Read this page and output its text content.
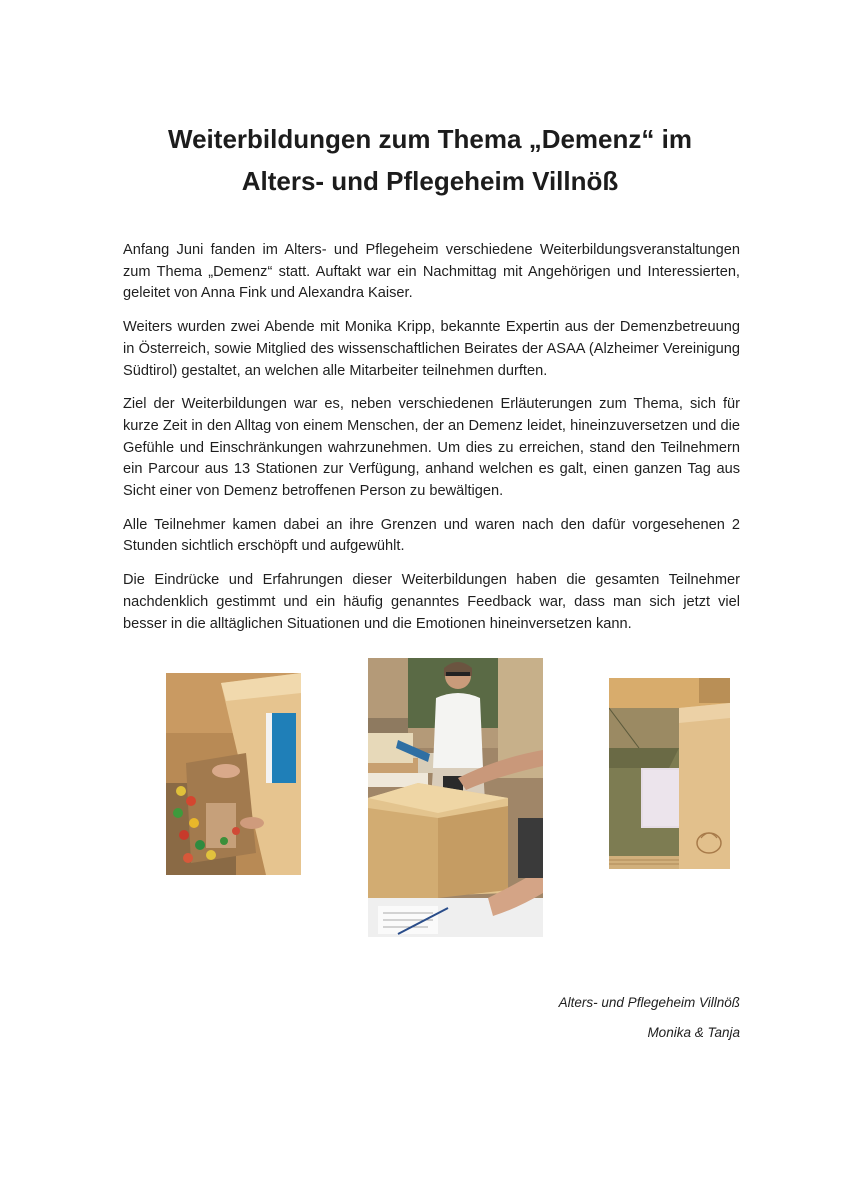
Weiterbildungen zum Thema „Demenz“ im
Alters- und Pflegeheim Villnöß

Anfang Juni fanden im Alters- und Pflegeheim verschiedene Weiterbildungsveranstaltungen zum Thema „Demenz“ statt. Auftakt war ein Nachmittag mit Angehörigen und Interessierten, geleitet von Anna Fink und Alexandra Kaiser.

Weiters wurden zwei Abende mit Monika Kripp, bekannte Expertin aus der Demenzbetreuung in Österreich, sowie Mitglied des wissenschaftlichen Beirates der ASAA (Alzheimer Vereinigung Südtirol) gestaltet, an welchen alle Mitarbeiter teilnehmen durften.

Ziel der Weiterbildungen war es, neben verschiedenen Erläuterungen zum Thema, sich für kurze Zeit in den Alltag von einem Menschen, der an Demenz leidet, hineinzuversetzen und die Gefühle und Einschränkungen wahrzunehmen. Um dies zu erreichen, stand den Teilnehmern ein Parcour aus 13 Stationen zur Verfügung, anhand welchen es galt, einen ganzen Tag aus Sicht einer von Demenz betroffenen Person zu bewältigen.

Alle Teilnehmer kamen dabei an ihre Grenzen und waren nach den dafür vorgesehenen 2 Stunden sichtlich erschöpft und aufgewühlt.

Die Eindrücke und Erfahrungen dieser Weiterbildungen haben die gesamten Teilnehmer nachdenklich gestimmt und ein häufig genanntes Feedback war, dass man sich jetzt viel besser in die alltäglichen Situationen und die Emotionen hineinversetzen kann.

Alters- und Pflegeheim Villnöß
Monika & Tanja
